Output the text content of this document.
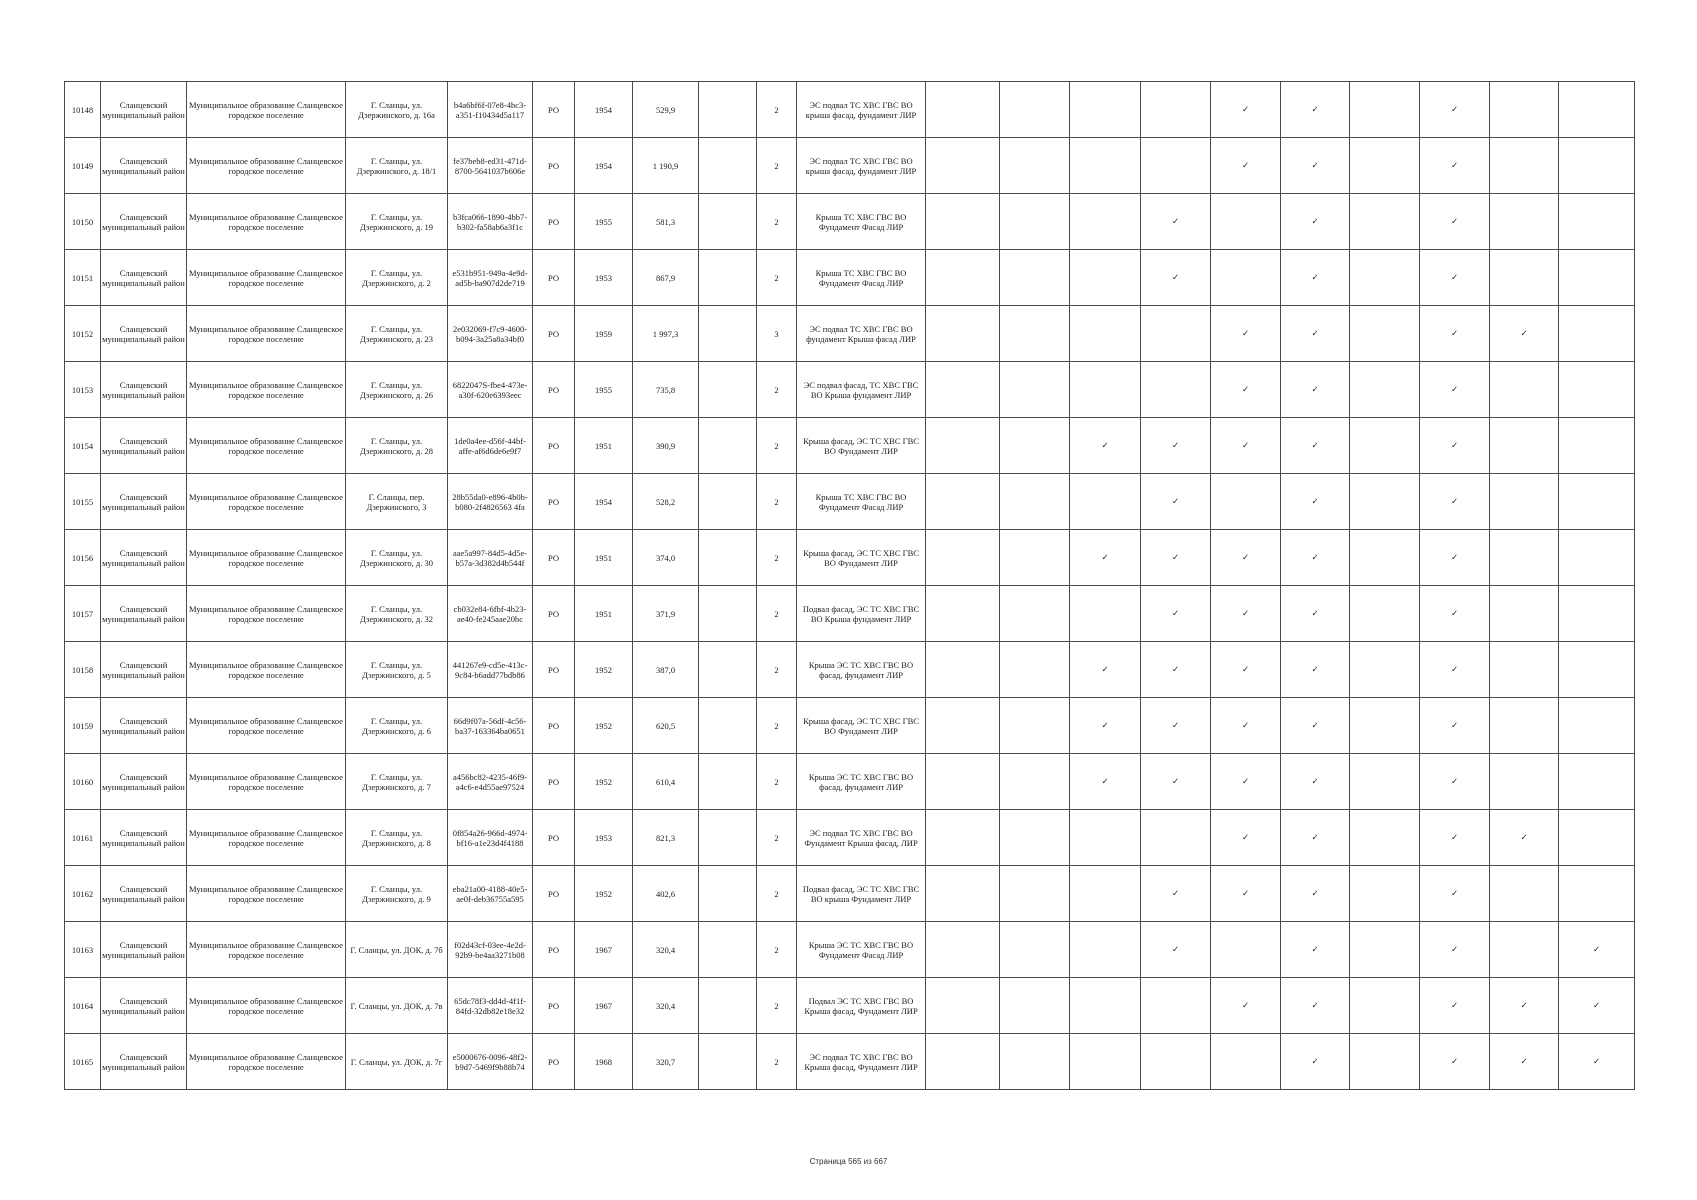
10148	Сланцевский муниципальный район	Муниципальное образование Сланцевское городское поселение	Г. Сланцы, ул. Дзержинского, д. 16а	b4a6bf6f-07e8-4bc3-a351-f10434d5a117	РО	1954	529,9		2	ЭС подвал ТС ХВС ГВС ВО крыша фасад, фундамент ЛИР					✓	✓		✓		
10149	Сланцевский муниципальный район	Муниципальное образование Сланцевское городское поселение	Г. Сланцы, ул. Дзержинского, д. 18/1	fe37beb8-ed31-471d-8700-5641037b606e	РО	1954	1 190,9		2	ЭС подвал ТС ХВС ГВС ВО крыша фасад, фундамент ЛИР					✓	✓		✓		
10150	Сланцевский муниципальный район	Муниципальное образование Сланцевское городское поселение	Г. Сланцы, ул. Дзержинского, д. 19	b3fca066-1890-4bb7-b302-fa58ab6a3f1c	РО	1955	581,3		2	Крыша ТС ХВС ГВС ВО Фундамент Фасад ЛИР				✓		✓		✓		
10151	Сланцевский муниципальный район	Муниципальное образование Сланцевское городское поселение	Г. Сланцы, ул. Дзержинского, д. 2	e531b951-949a-4e9d-ad5b-ba907d2de719	РО	1953	867,9		2	Крыша ТС ХВС ГВС ВО Фундамент Фасад ЛИР				✓		✓		✓		
10152	Сланцевский муниципальный район	Муниципальное образование Сланцевское городское поселение	Г. Сланцы, ул. Дзержинского, д. 23	2e032069-f7c9-4600-b094-3a25a8a34bf0	РО	1959	1 997,3		3	ЭС подвал ТС ХВС ГВС ВО фундамент Крыша фасад ЛИР					✓	✓		✓	✓	
10153	Сланцевский муниципальный район	Муниципальное образование Сланцевское городское поселение	Г. Сланцы, ул. Дзержинского, д. 26	6822047S-fbe4-473e-a30f-620e6393eec	РО	1955	735,8		2	ЭС подвал фасад, ТС ХВС ГВС ВО Крыша фундамент ЛИР					✓	✓		✓		
10154	Сланцевский муниципальный район	Муниципальное образование Сланцевское городское поселение	Г. Сланцы, ул. Дзержинского, д. 28	1de0a4ee-d56f-44bf-affe-af6d6de6e9f7	РО	1951	390,9		2	Крыша фасад, ЭС ТС ХВС ГВС ВО Фундамент ЛИР			✓	✓	✓	✓		✓		
10155	Сланцевский муниципальный район	Муниципальное образование Сланцевское городское поселение	Г. Сланцы, пер. Дзержинского, 3	28b55da0-e896-4b0b-b080-2f4826563 4fa	РО	1954	528,2		2	Крыша ТС ХВС ГВС ВО Фундамент Фасад ЛИР				✓		✓		✓		
10156	Сланцевский муниципальный район	Муниципальное образование Сланцевское городское поселение	Г. Сланцы, ул. Дзержинского, д. 30	aae5a997-84d5-4d5e-b57a-3d382d4b544f	РО	1951	374,0		2	Крыша фасад, ЭС ТС ХВС ГВС ВО Фундамент ЛИР			✓	✓	✓	✓		✓		
10157	Сланцевский муниципальный район	Муниципальное образование Сланцевское городское поселение	Г. Сланцы, ул. Дзержинского, д. 32	cb032e84-6fbf-4b23-ae40-fe245aae20bc	РО	1951	371,9		2	Подвал фасад, ЭС ТС ХВС ГВС ВО Крыша фундамент ЛИР				✓	✓	✓		✓		
10158	Сланцевский муниципальный район	Муниципальное образование Сланцевское городское поселение	Г. Сланцы, ул. Дзержинского, д. 5	441267e9-cd5e-413c-9c84-b6add77bdb86	РО	1952	387,0		2	Крыша ЭС ТС ХВС ГВС ВО фасад, фундамент ЛИР			✓	✓	✓	✓		✓		
10159	Сланцевский муниципальный район	Муниципальное образование Сланцевское городское поселение	Г. Сланцы, ул. Дзержинского, д. 6	66d9f07a-56df-4c56-ba37-163364ba0651	РО	1952	620,5		2	Крыша фасад, ЭС ТС ХВС ГВС ВО Фундамент ЛИР			✓	✓	✓	✓		✓		
10160	Сланцевский муниципальный район	Муниципальное образование Сланцевское городское поселение	Г. Сланцы, ул. Дзержинского, д. 7	a456bc82-4235-46f9-a4c6-e4d55ae97524	РО	1952	610,4		2	Крыша ЭС ТС ХВС ГВС ВО фасад, фундамент ЛИР			✓	✓	✓	✓		✓		
10161	Сланцевский муниципальный район	Муниципальное образование Сланцевское городское поселение	Г. Сланцы, ул. Дзержинского, д. 8	0f854a26-966d-4974-bf16-a1e23d4f4188	РО	1953	821,3		2	ЭС подвал ТС ХВС ГВС ВО Фундамент Крыша фасад, ЛИР					✓	✓		✓	✓	
10162	Сланцевский муниципальный район	Муниципальное образование Сланцевское городское поселение	Г. Сланцы, ул. Дзержинского, д. 9	eba21a00-4188-40e5-ae0f-deb36755a595	РО	1952	402,6		2	Подвал фасад, ЭС ТС ХВС ГВС ВО крыша Фундамент ЛИР				✓	✓	✓		✓		
10163	Сланцевский муниципальный район	Муниципальное образование Сланцевское городское поселение	Г. Сланцы, ул. ДОК, д. 7б	f02d43cf-03ee-4e2d-92b9-be4aa3271b08	РО	1967	320,4		2	Крыша ЭС ТС ХВС ГВС ВО Фундамент Фасад ЛИР				✓		✓		✓		✓
10164	Сланцевский муниципальный район	Муниципальное образование Сланцевское городское поселение	Г. Сланцы, ул. ДОК, д. 7в	65dc78f3-dd4d-4f1f-84fd-32db82e18e32	РО	1967	320,4		2	Подвал ЭС ТС ХВС ГВС ВО Крыша фасад, Фундамент ЛИР					✓	✓		✓	✓	✓
10165	Сланцевский муниципальный район	Муниципальное образование Сланцевское городское поселение	Г. Сланцы, ул. ДОК, д. 7г	e5000676-0096-48f2-b9d7-5469f9b88b74	РО	1968	320,7		2	ЭС подвал ТС ХВС ГВС ВО Крыша фасад, Фундамент ЛИР						✓		✓	✓	✓
Страница 565 из 667
